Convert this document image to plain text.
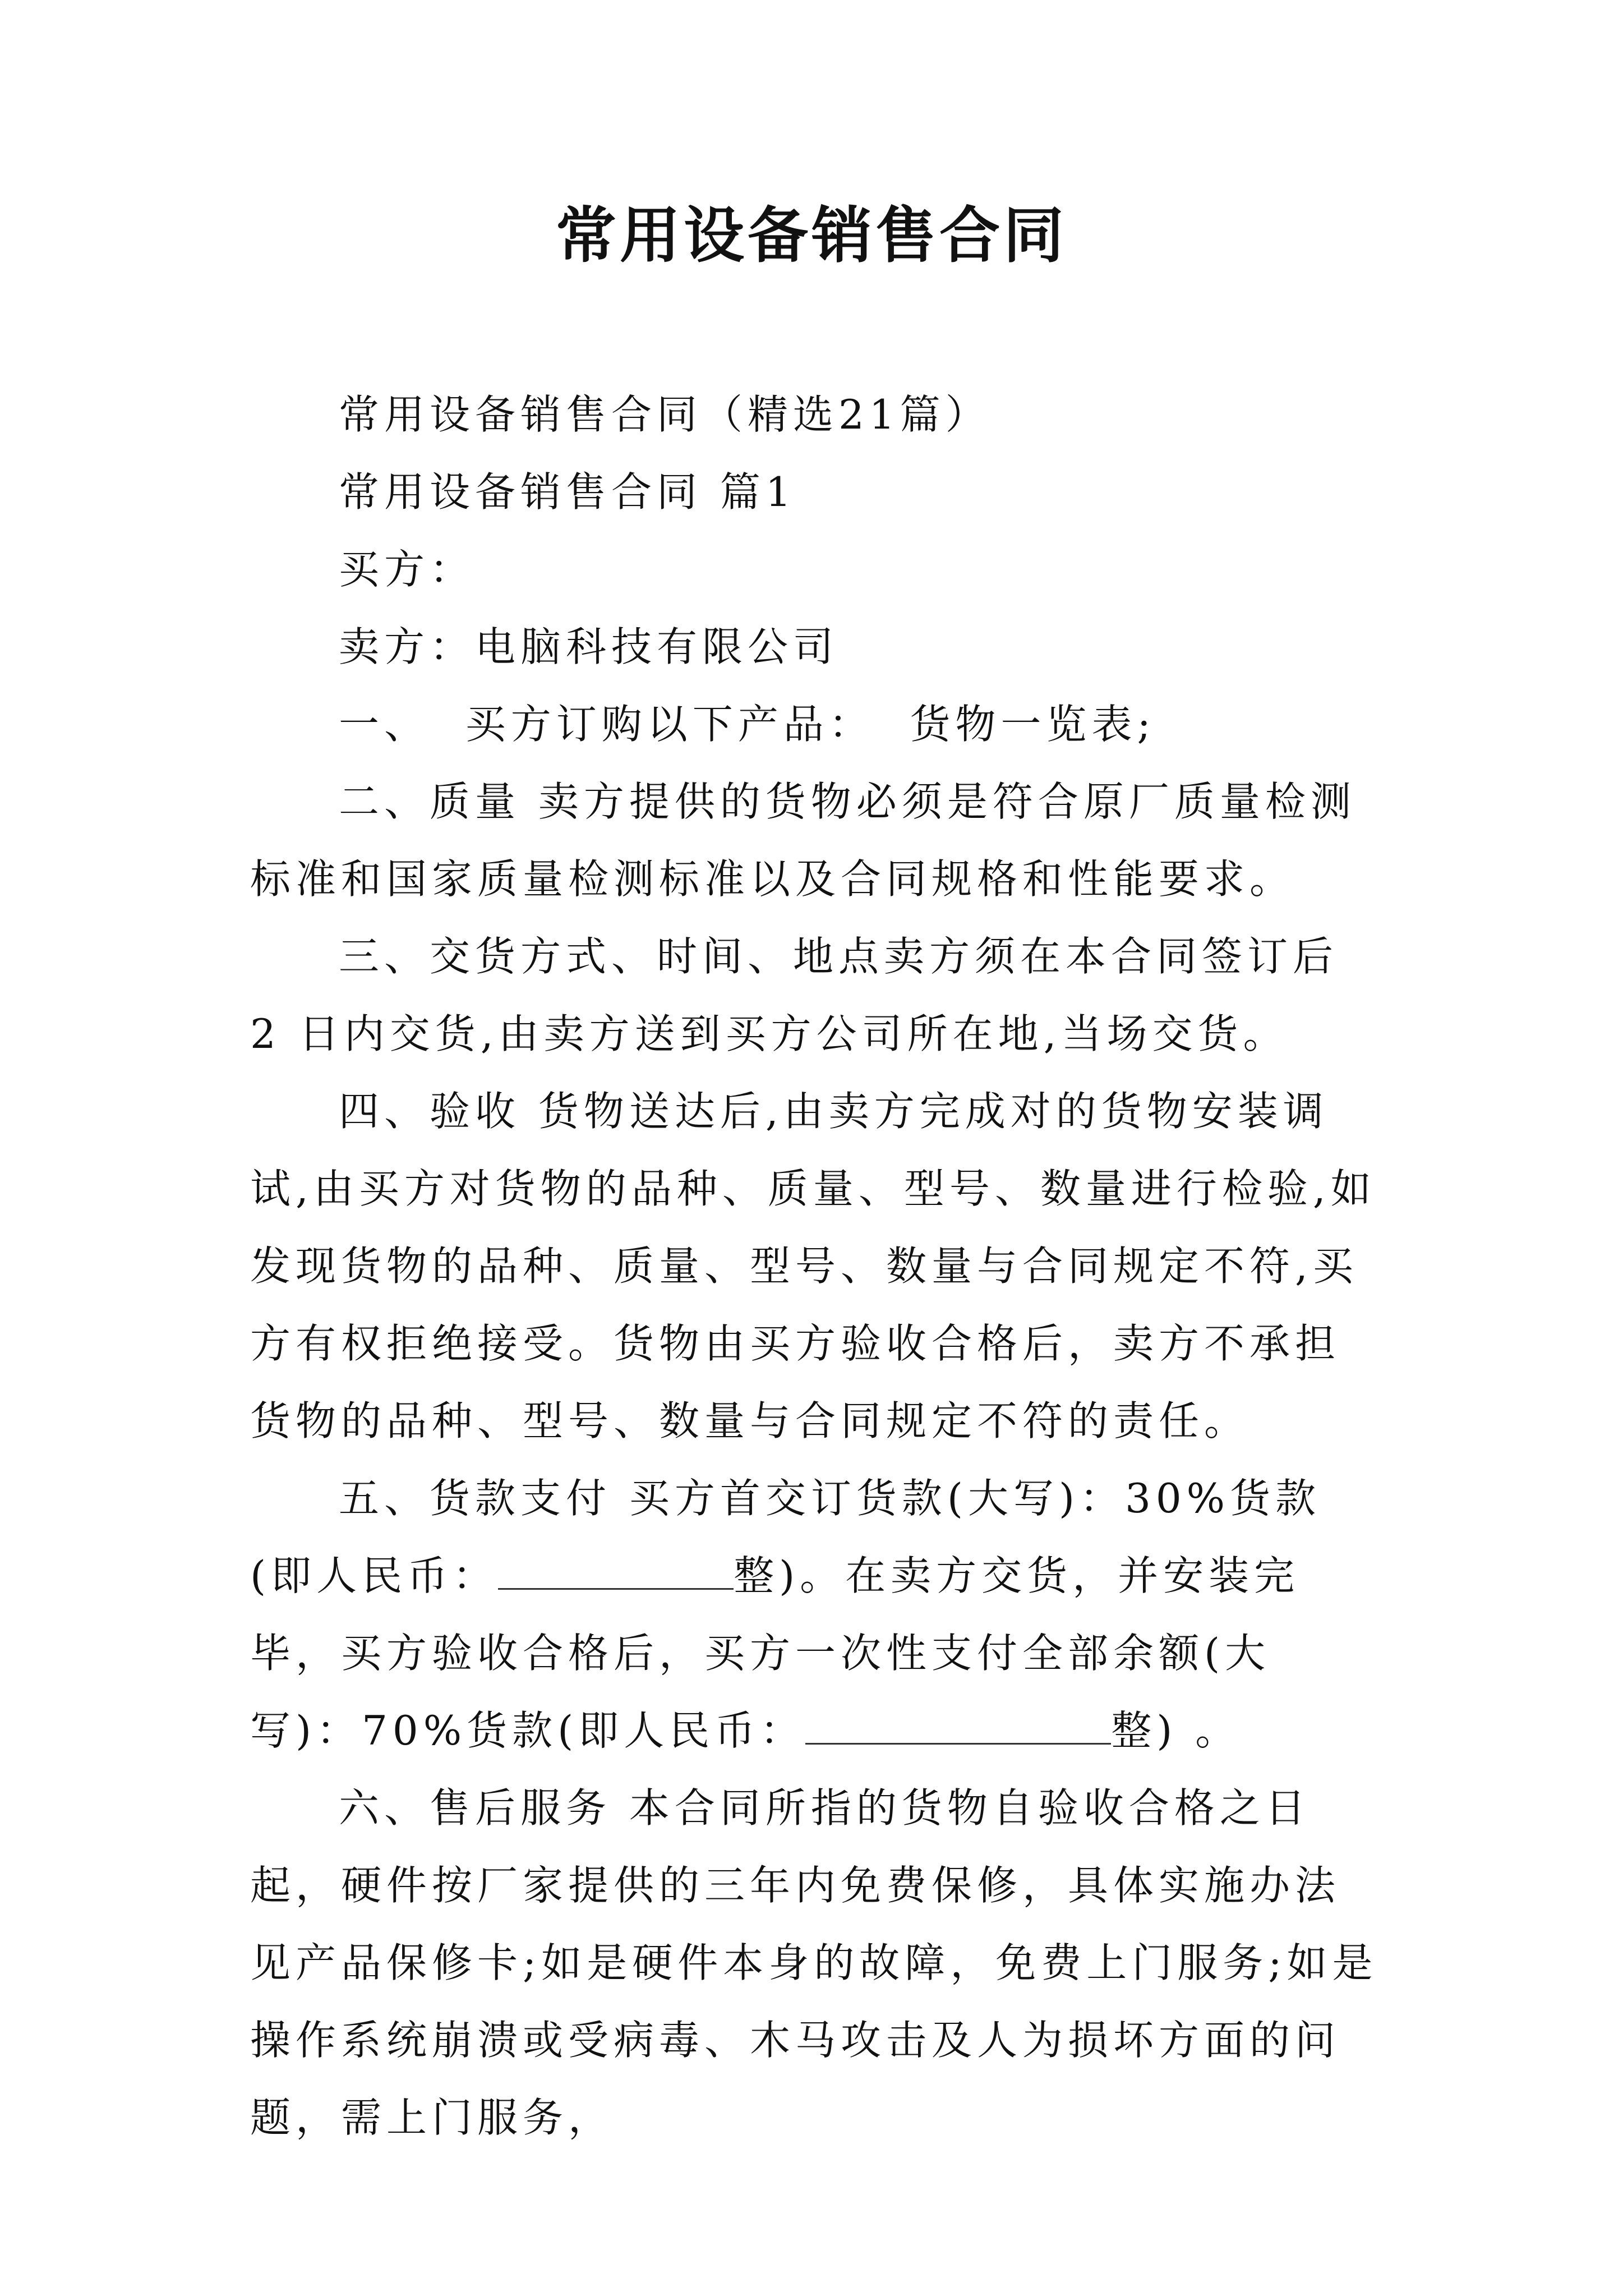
常用设备销售合同

常用设备销售合同（精选21篇）

常用设备销售合同 篇1

买方：

卖方：电脑科技有限公司

一、  买方订购以下产品：  货物一览表;

二、质量 卖方提供的货物必须是符合原厂质量检测标准和国家质量检测标准以及合同规格和性能要求。

三、交货方式、时间、地点卖方须在本合同签订后 2 日内交货,由卖方送到买方公司所在地,当场交货。

四、验收 货物送达后,由卖方完成对的货物安装调试,由买方对货物的品种、质量、型号、数量进行检验,如发现货物的品种、质量、型号、数量与合同规定不符,买方有权拒绝接受。货物由买方验收合格后，卖方不承担货物的品种、型号、数量与合同规定不符的责任。

五、货款支付 买方首交订货款(大写)：30%货款(即人民币：	整)。在卖方交货，并安装完毕，买方验收合格后，买方一次性支付全部余额(大写)：70%货款(即人民币：	整) 。

六、售后服务 本合同所指的货物自验收合格之日起，硬件按厂家提供的三年内免费保修，具体实施办法见产品保修卡;如是硬件本身的故障，免费上门服务;如是操作系统崩溃或受病毒、木马攻击及人为损坏方面的问题，需上门服务，
